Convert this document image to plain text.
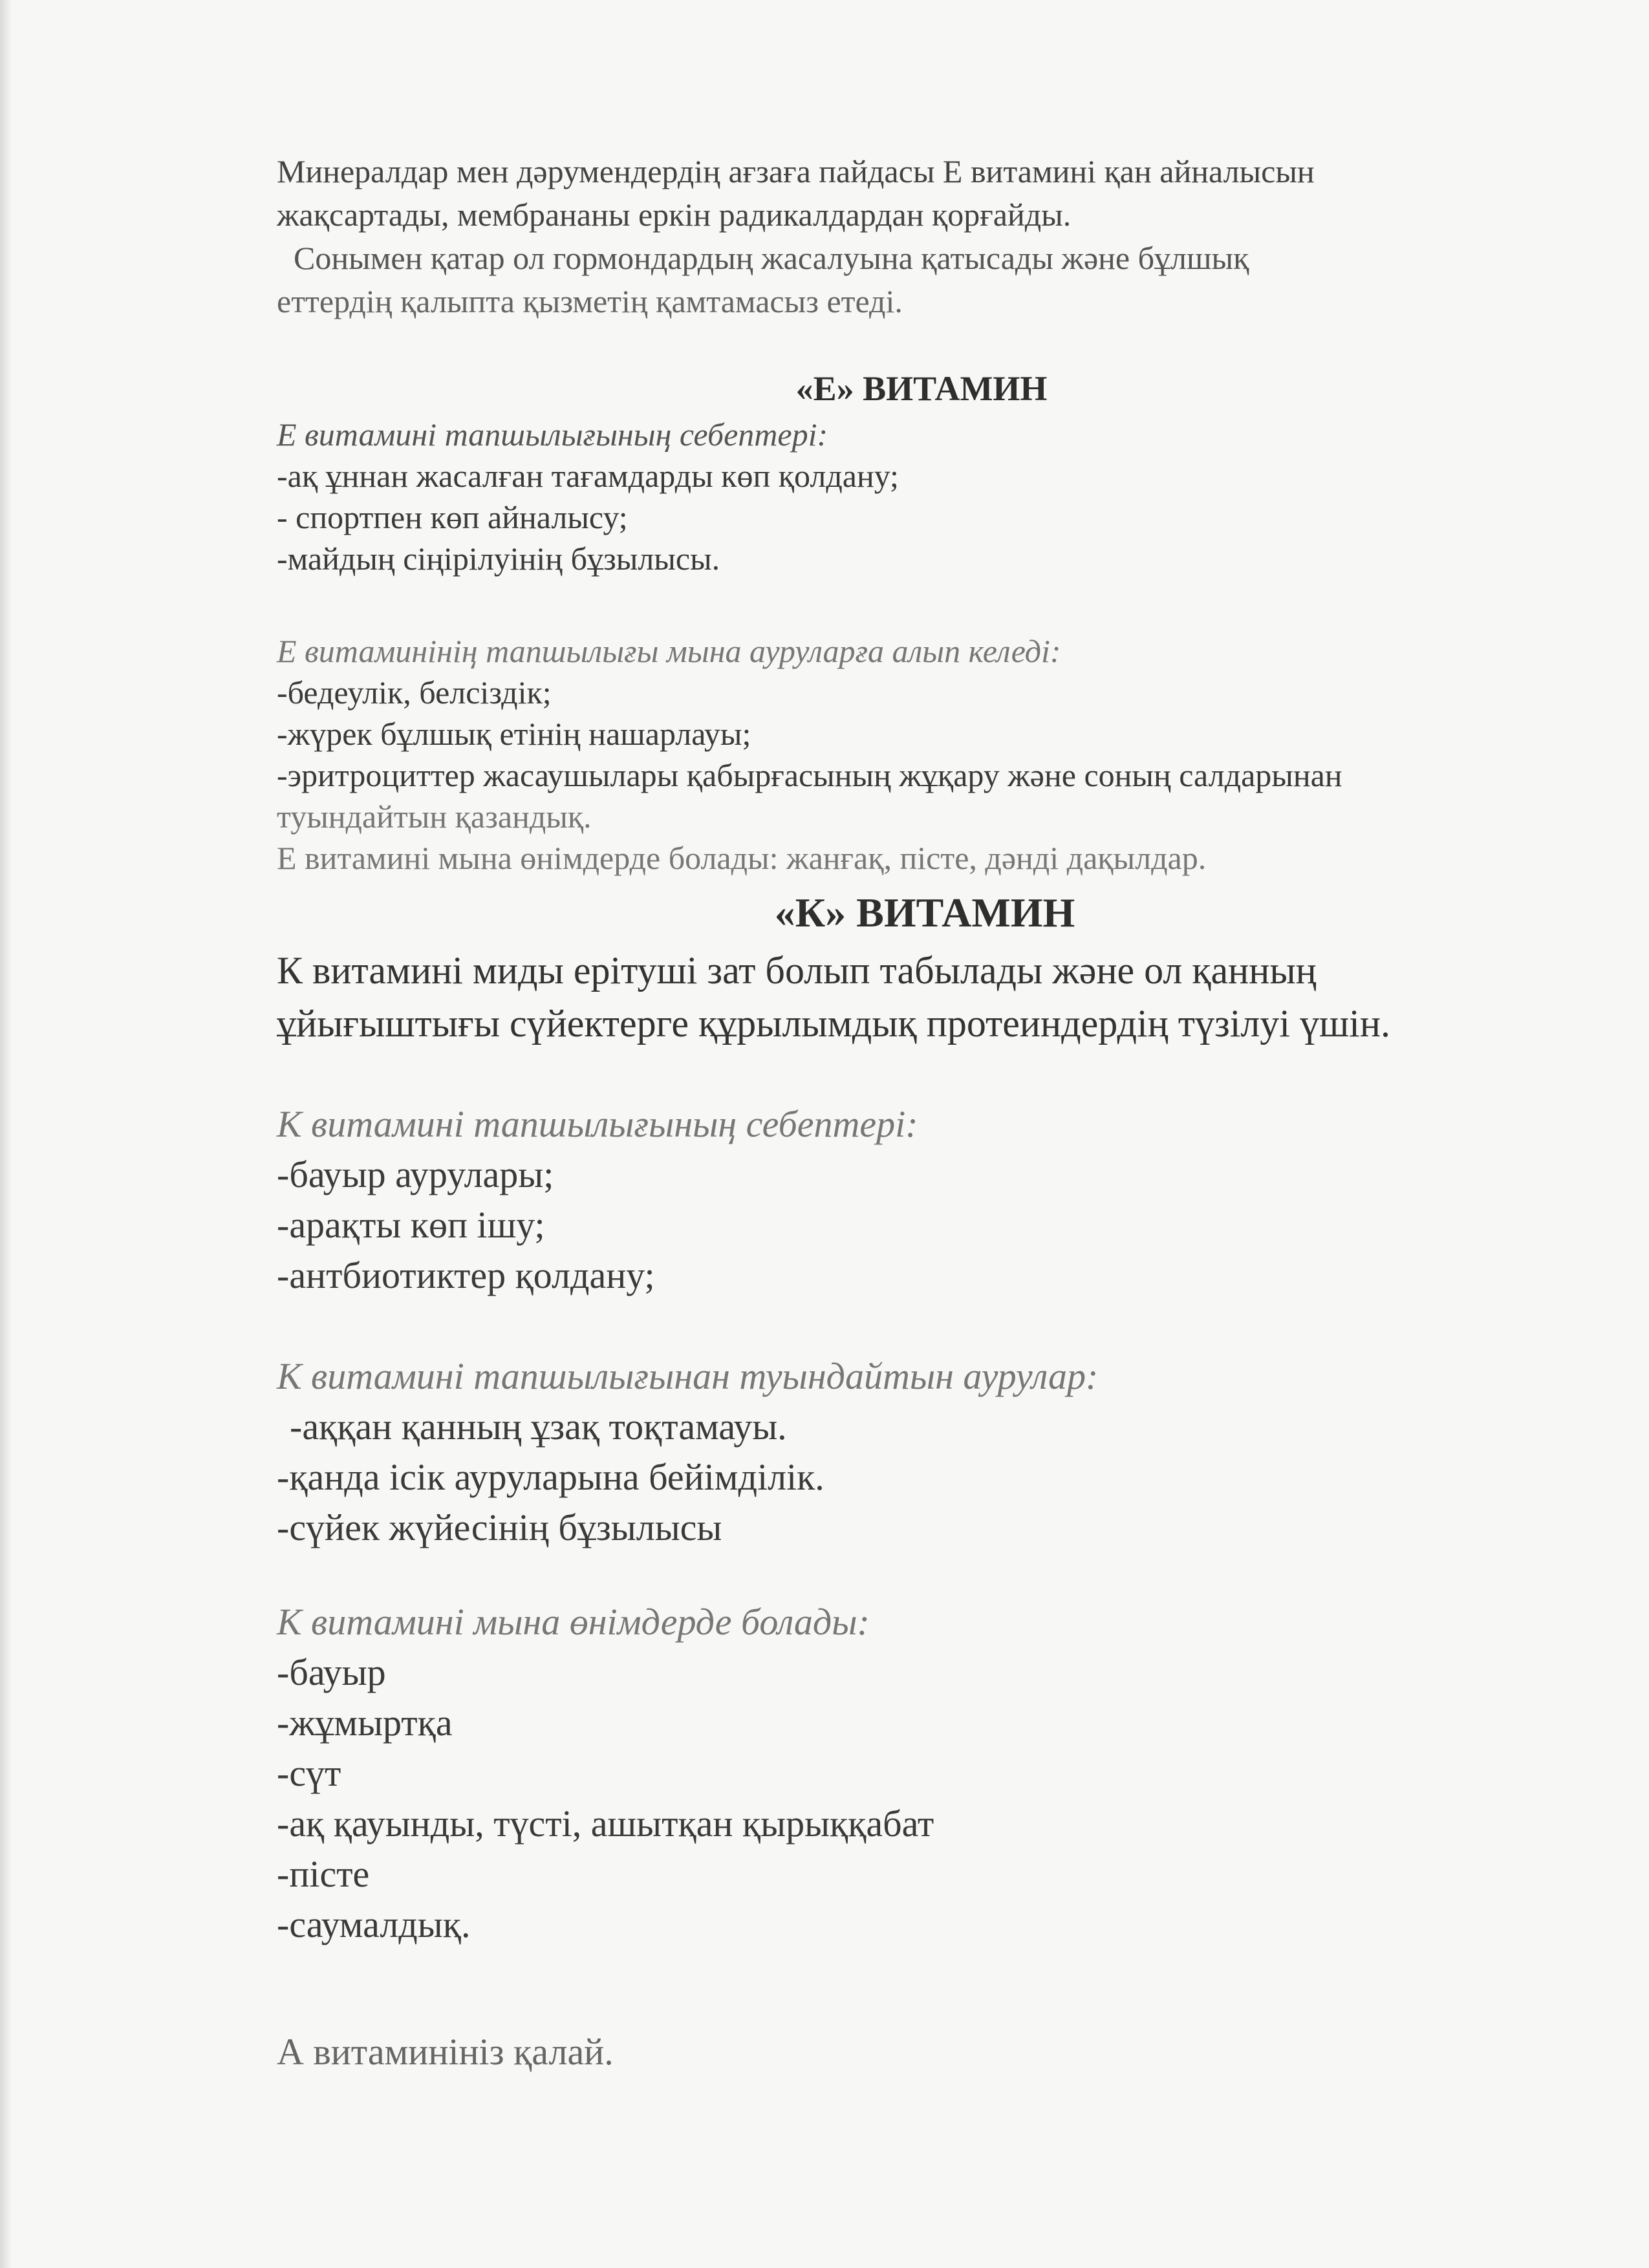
Минералдар мен дәрумендердің ағзаға пайдасы Е витамині қан айналысын
жақсартады, мембрананы еркін радикалдардан қорғайды.
Сонымен қатар ол гормондардың жасалуына қатысады және бұлшық
еттердің қалыпта қызметің қамтамасыз етеді.
«Е» ВИТАМИН
Е витамині тапшылығының себептері:
-ақ ұннан жасалған тағамдарды көп қолдану;
- спортпен көп айналысу;
-майдың сіңірілуінің бұзылысы.
Е витаминінің тапшылығы мына ауруларға алып келеді:
-бедеулік, белсіздік;
-жүрек бұлшық етінің нашарлауы;
-эритроциттер жасаушылары қабырғасының жұқару және соның салдарынан
туындайтын қазандық.
Е витамині мына өнімдерде болады: жанғақ, пісте, дәнді дақылдар.
«К» ВИТАМИН
К витамині миды ерітуші зат болып табылады және ол қанның
ұйығыштығы сүйектерге құрылымдық протеиндердің түзілуі үшін.
К витамині тапшылығының себептері:
-бауыр аурулары;
-арақты көп ішу;
-антбиотиктер қолдану;
К витамині тапшылығынан туындайтын аурулар:
-аққан қанның ұзақ тоқтамауы.
-қанда ісік ауруларына бейімділік.
-сүйек жүйесінің бұзылысы
К витамині мына өнімдерде болады:
-бауыр
-жұмыртқа
-сүт
-ақ қауынды, түсті, ашытқан қырыққабат
-пісте
-саумалдық.
А витаминініз қалай.
